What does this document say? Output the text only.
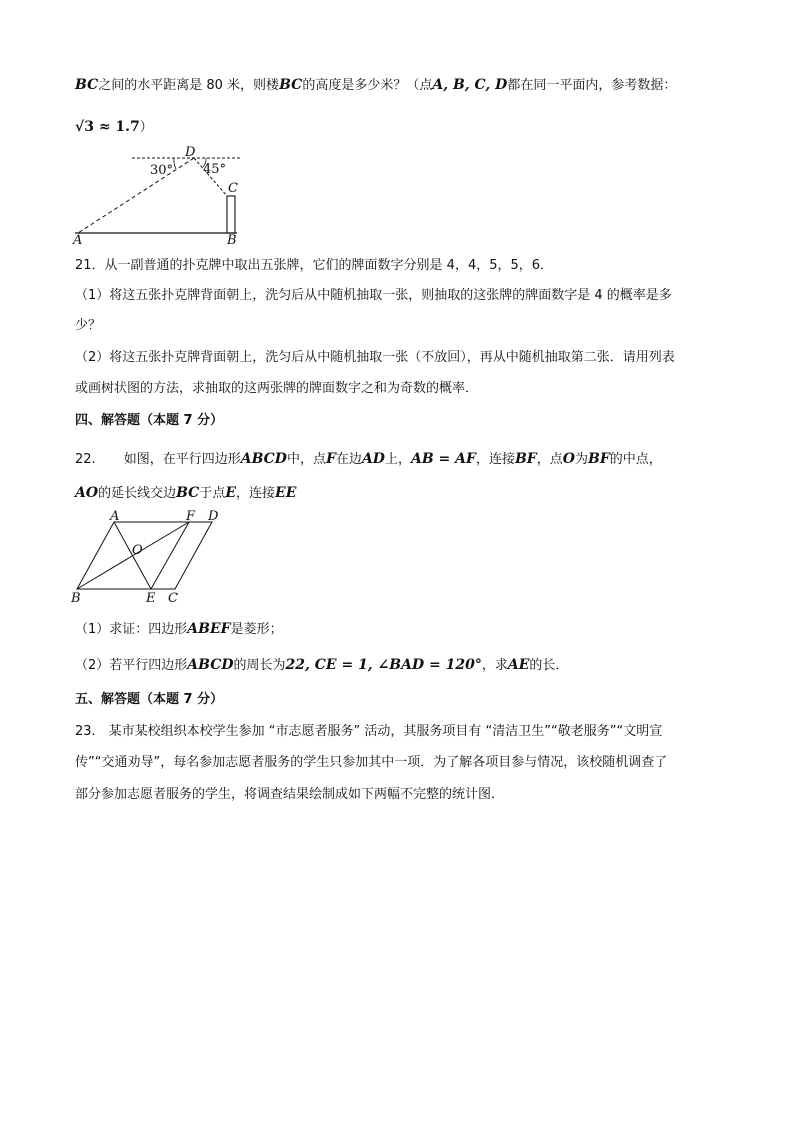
BC之间的水平距离是 80 米，则楼BC的高度是多少米？（点A, B, C, D都在同一平面内，参考数据：
√3 ≈ 1.7）
D
C
A	B
30° 45°
21．从一副普通的扑克牌中取出五张牌，它们的牌面数字分别是 4，4，5，5，6．
（1）将这五张扑克牌背面朝上，洗匀后从中随机抽取一张，则抽取的这张牌的牌面数字是 4 的概率是多
少？
（2）将这五张扑克牌背面朝上，洗匀后从中随机抽取一张（不放回），再从中随机抽取第二张．请用列表
或画树状图的方法，求抽取的这两张牌的牌面数字之和为奇数的概率．
四、解答题（本题 7 分）
22. 如图，在平行四边形ABCD中，点F在边AD上，AB = AF，连接BF，点O为BF的中点，
AO的延长线交边BC于点E，连接EE
A	F D
O
B	E C
（1）求证：四边形ABEF是菱形；
（2）若平行四边形ABCD的周长为22, CE = 1, ∠BAD = 120°，求AE的长．
五、解答题（本题 7 分）
23.　某市某校组织本校学生参加 “市志愿者服务” 活动，其服务项目有 “清洁卫生”“敬老服务”“文明宣
传”“交通劝导”，每名参加志愿者服务的学生只参加其中一项．为了解各项目参与情况，该校随机调查了
部分参加志愿者服务的学生，将调查结果绘制成如下两幅不完整的统计图．
